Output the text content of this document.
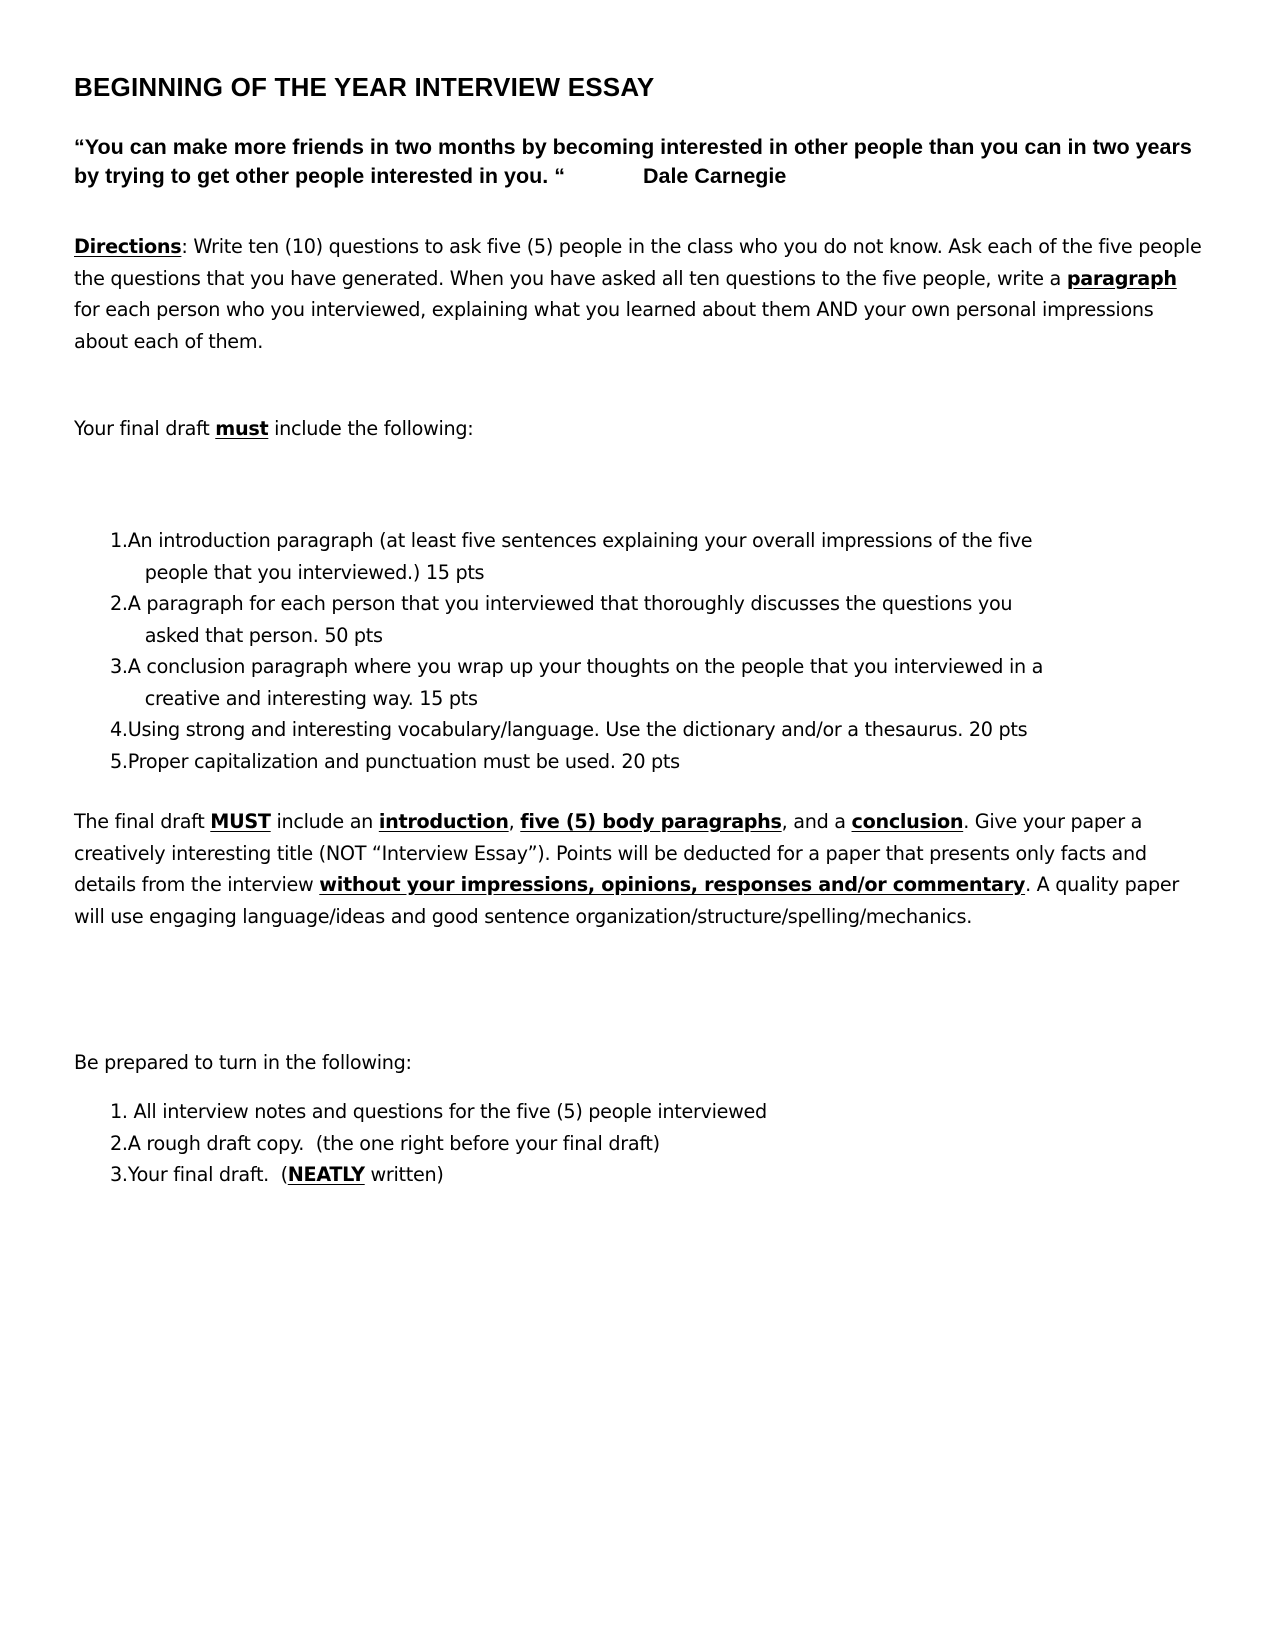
BEGINNING OF THE YEAR INTERVIEW ESSAY

“You can make more friends in two months by becoming interested in other people than you can in two years by trying to get other people interested in you. “	Dale Carnegie

Directions: Write ten (10) questions to ask five (5) people in the class who you do not know. Ask each of the five people the questions that you have generated. When you have asked all ten questions to the five people, write a paragraph for each person who you interviewed, explaining what you learned about them AND your own personal impressions about each of them.

Your final draft must include the following:

1. An introduction paragraph (at least five sentences explaining your overall impressions of the five
people that you interviewed.) 15 pts
2. A paragraph for each person that you interviewed that thoroughly discusses the questions you
asked that person. 50 pts
3. A conclusion paragraph where you wrap up your thoughts on the people that you interviewed in a
creative and interesting way. 15 pts
4. Using strong and interesting vocabulary/language. Use the dictionary and/or a thesaurus. 20 pts
5. Proper capitalization and punctuation must be used. 20 pts

The final draft MUST include an introduction, five (5) body paragraphs, and a conclusion. Give your paper a creatively interesting title (NOT “Interview Essay”). Points will be deducted for a paper that presents only facts and details from the interview without your impressions, opinions, responses and/or commentary. A quality paper will use engaging language/ideas and good sentence organization/structure/spelling/mechanics.

Be prepared to turn in the following:

1. All interview notes and questions for the five (5) people interviewed
2. A rough draft copy.  (the one right before your final draft)
3. Your final draft.  (NEATLY written)
